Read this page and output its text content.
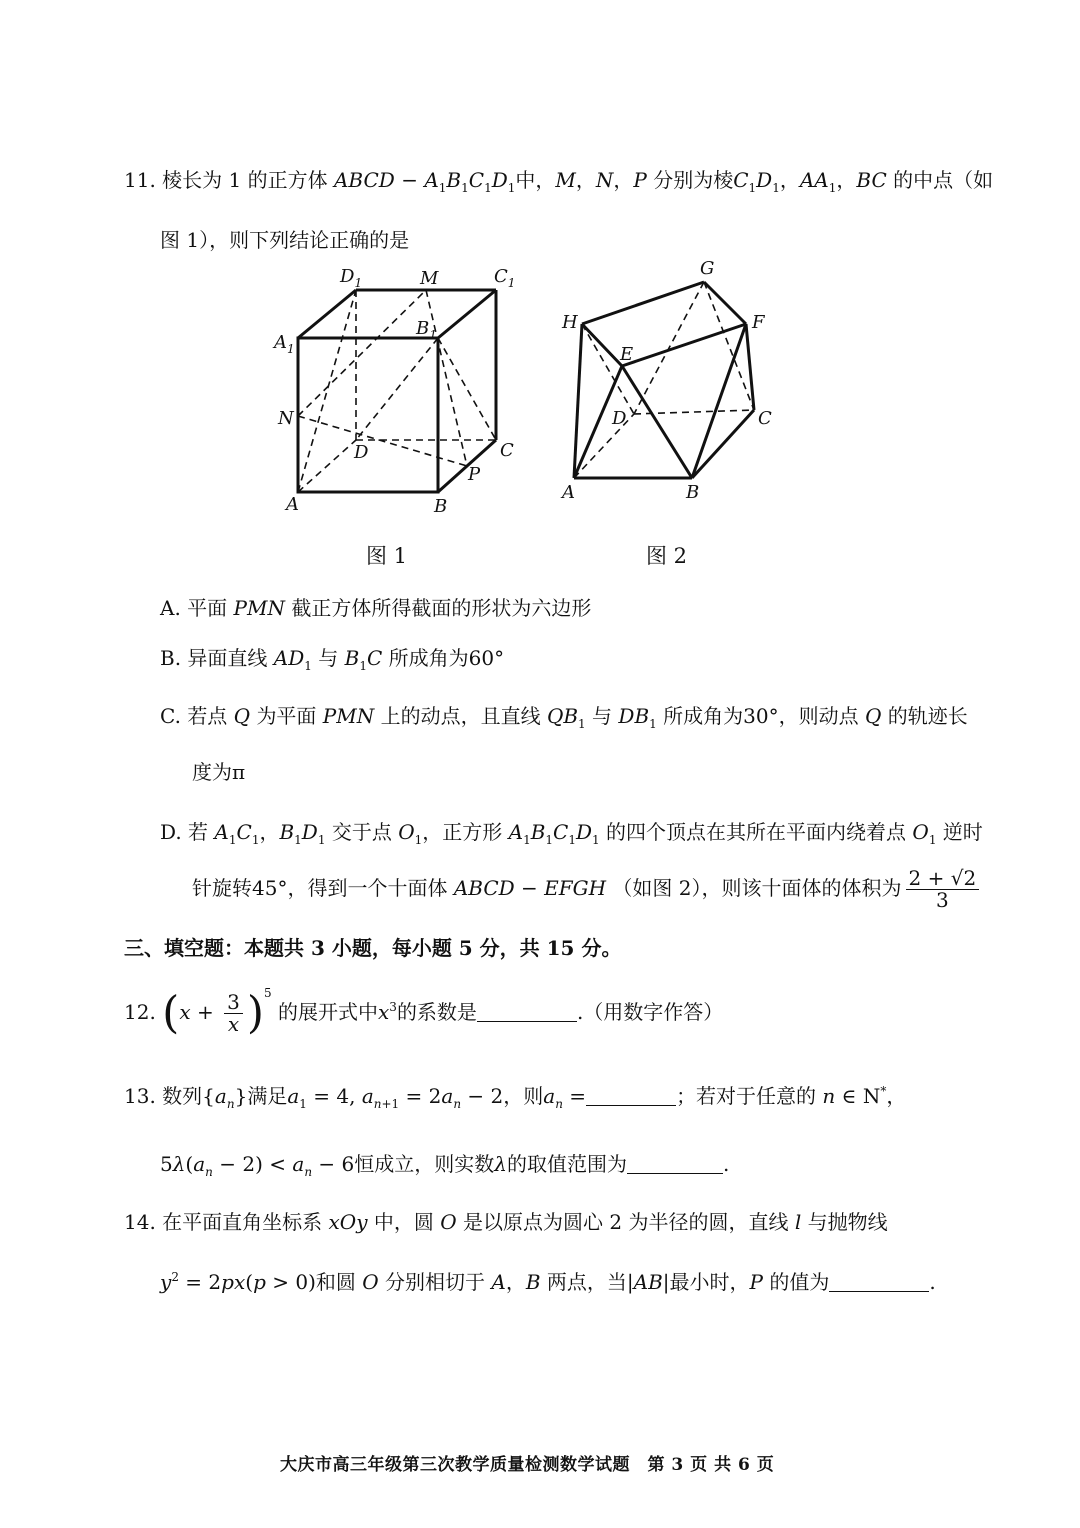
11. 棱长为 1 的正方体 ABCD − $A_1B_1C_1D_1$中，M，N，P 分别为棱$C_1D_1$，$AA_1$，BC 的中点（如
图 1），则下列结论正确的是
$D_1$	M	$C_1$
$A_1$
$B_1$
N
D	C
P
A	B
G
H	F
E
D	C
A	B
图 1	图 2
A. 平面 PMN 截正方体所得截面的形状为六边形
B. 异面直线 $AD_1$ 与 $B_1C$ 所成角为60°
C. 若点 Q 为平面 PMN 上的动点，且直线 $QB_1$ 与 $DB_1$ 所成角为30°，则动点 Q 的轨迹长
度为π
D. 若 $A_1C_1$，$B_1D_1$ 交于点 $O_1$，正方形 $A_1B_1C_1D_1$ 的四个顶点在其所在平面内绕着点 $O_1$ 逆时
针旋转45°，得到一个十面体 ABCD − EFGH （如图 2），则该十面体的体积为 $\frac{2 + √2}{3}$
三、填空题：本题共 3 小题，每小题 5 分，共 15 分。
12. $(x + \frac{3}{x} )^5$ 的展开式中$x^3$的系数是	.（用数字作答）
13. 数列$\{a_n\}$满足$a_1 = 4$, $a_{n+1} = 2a_n - 2$，则$a_n$ =	；若对于任意的 n ∈ N*，
$5\lambda(a_n - 2) < a_n - 6$恒成立，则实数λ的取值范围为	.
14. 在平面直角坐标系 xOy 中，圆 O 是以原点为圆心 2 为半径的圆，直线 l 与抛物线
$y^2 = 2px(p > 0)$和圆 O 分别相切于 A，B 两点，当|AB|最小时，P 的值为	.
大庆市高三年级第三次教学质量检测数学试题　第 3 页 共 6 页
